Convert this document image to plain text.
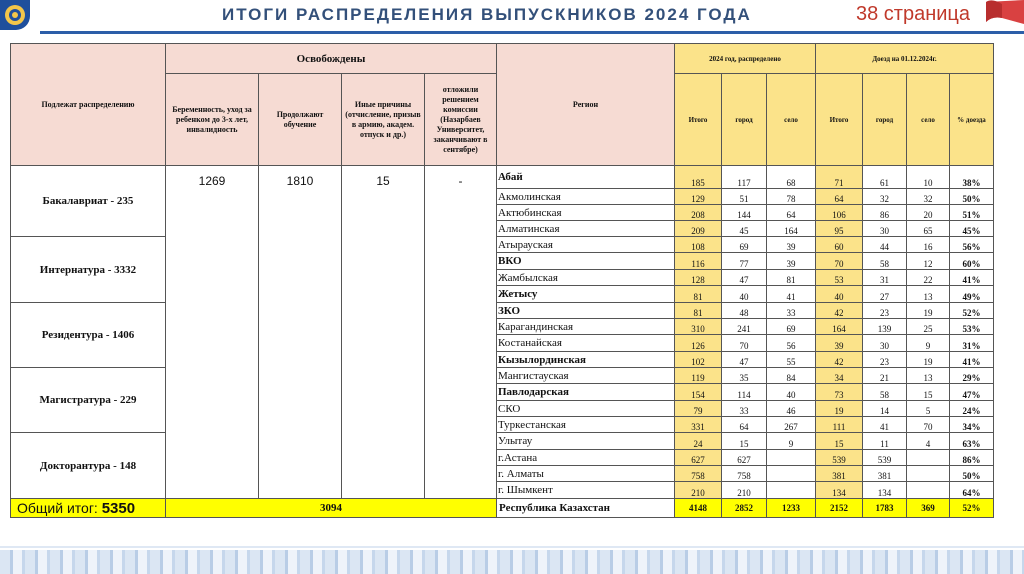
ИТОГИ РАСПРЕДЕЛЕНИЯ ВЫПУСКНИКОВ 2024 ГОДА	38 страница
Подлежат распределению	Освобождены				Регион	2024 год, распределено			Доезд на 01.12.2024г.			
	Беременность, уход за ребенком до 3-х лет, инвалидность	Продолжают обучение	Иные причины (отчисление, призыв в армию, академ. отпуск и др.)	отложили решением комиссии (Назарбаев Университет, заканчивают в сентябре)		Итого	город	село	Итого	город	село	% доезда
Бакалавриат - 235	1269	1810	15	-	Абай	185	117	68	71	61	10	38%
					Акмолинская	129	51	78	64	32	32	50%
					Актюбинская	208	144	64	106	86	20	51%
					Алматинская	209	45	164	95	30	65	45%
Интернатура - 3332					Атырауская	108	69	39	60	44	16	56%
					ВКО	116	77	39	70	58	12	60%
					Жамбылская	128	47	81	53	31	22	41%
					Жетысу	81	40	41	40	27	13	49%
Резидентура - 1406					ЗКО	81	48	33	42	23	19	52%
					Карагандинская	310	241	69	164	139	25	53%
					Костанайская	126	70	56	39	30	9	31%
					Кызылординская	102	47	55	42	23	19	41%
Магистратура - 229					Мангистауская	119	35	84	34	21	13	29%
					Павлодарская	154	114	40	73	58	15	47%
					СКО	79	33	46	19	14	5	24%
					Туркестанская	331	64	267	111	41	70	34%
Докторантура - 148					Улытау	24	15	9	15	11	4	63%
					г.Астана	627	627		539	539		86%
					г. Алматы	758	758		381	381		50%
					г. Шымкент	210	210		134	134		64%
Общий итог: 5350	3094				Республика Казахстан	4148	2852	1233	2152	1783	369	52%
